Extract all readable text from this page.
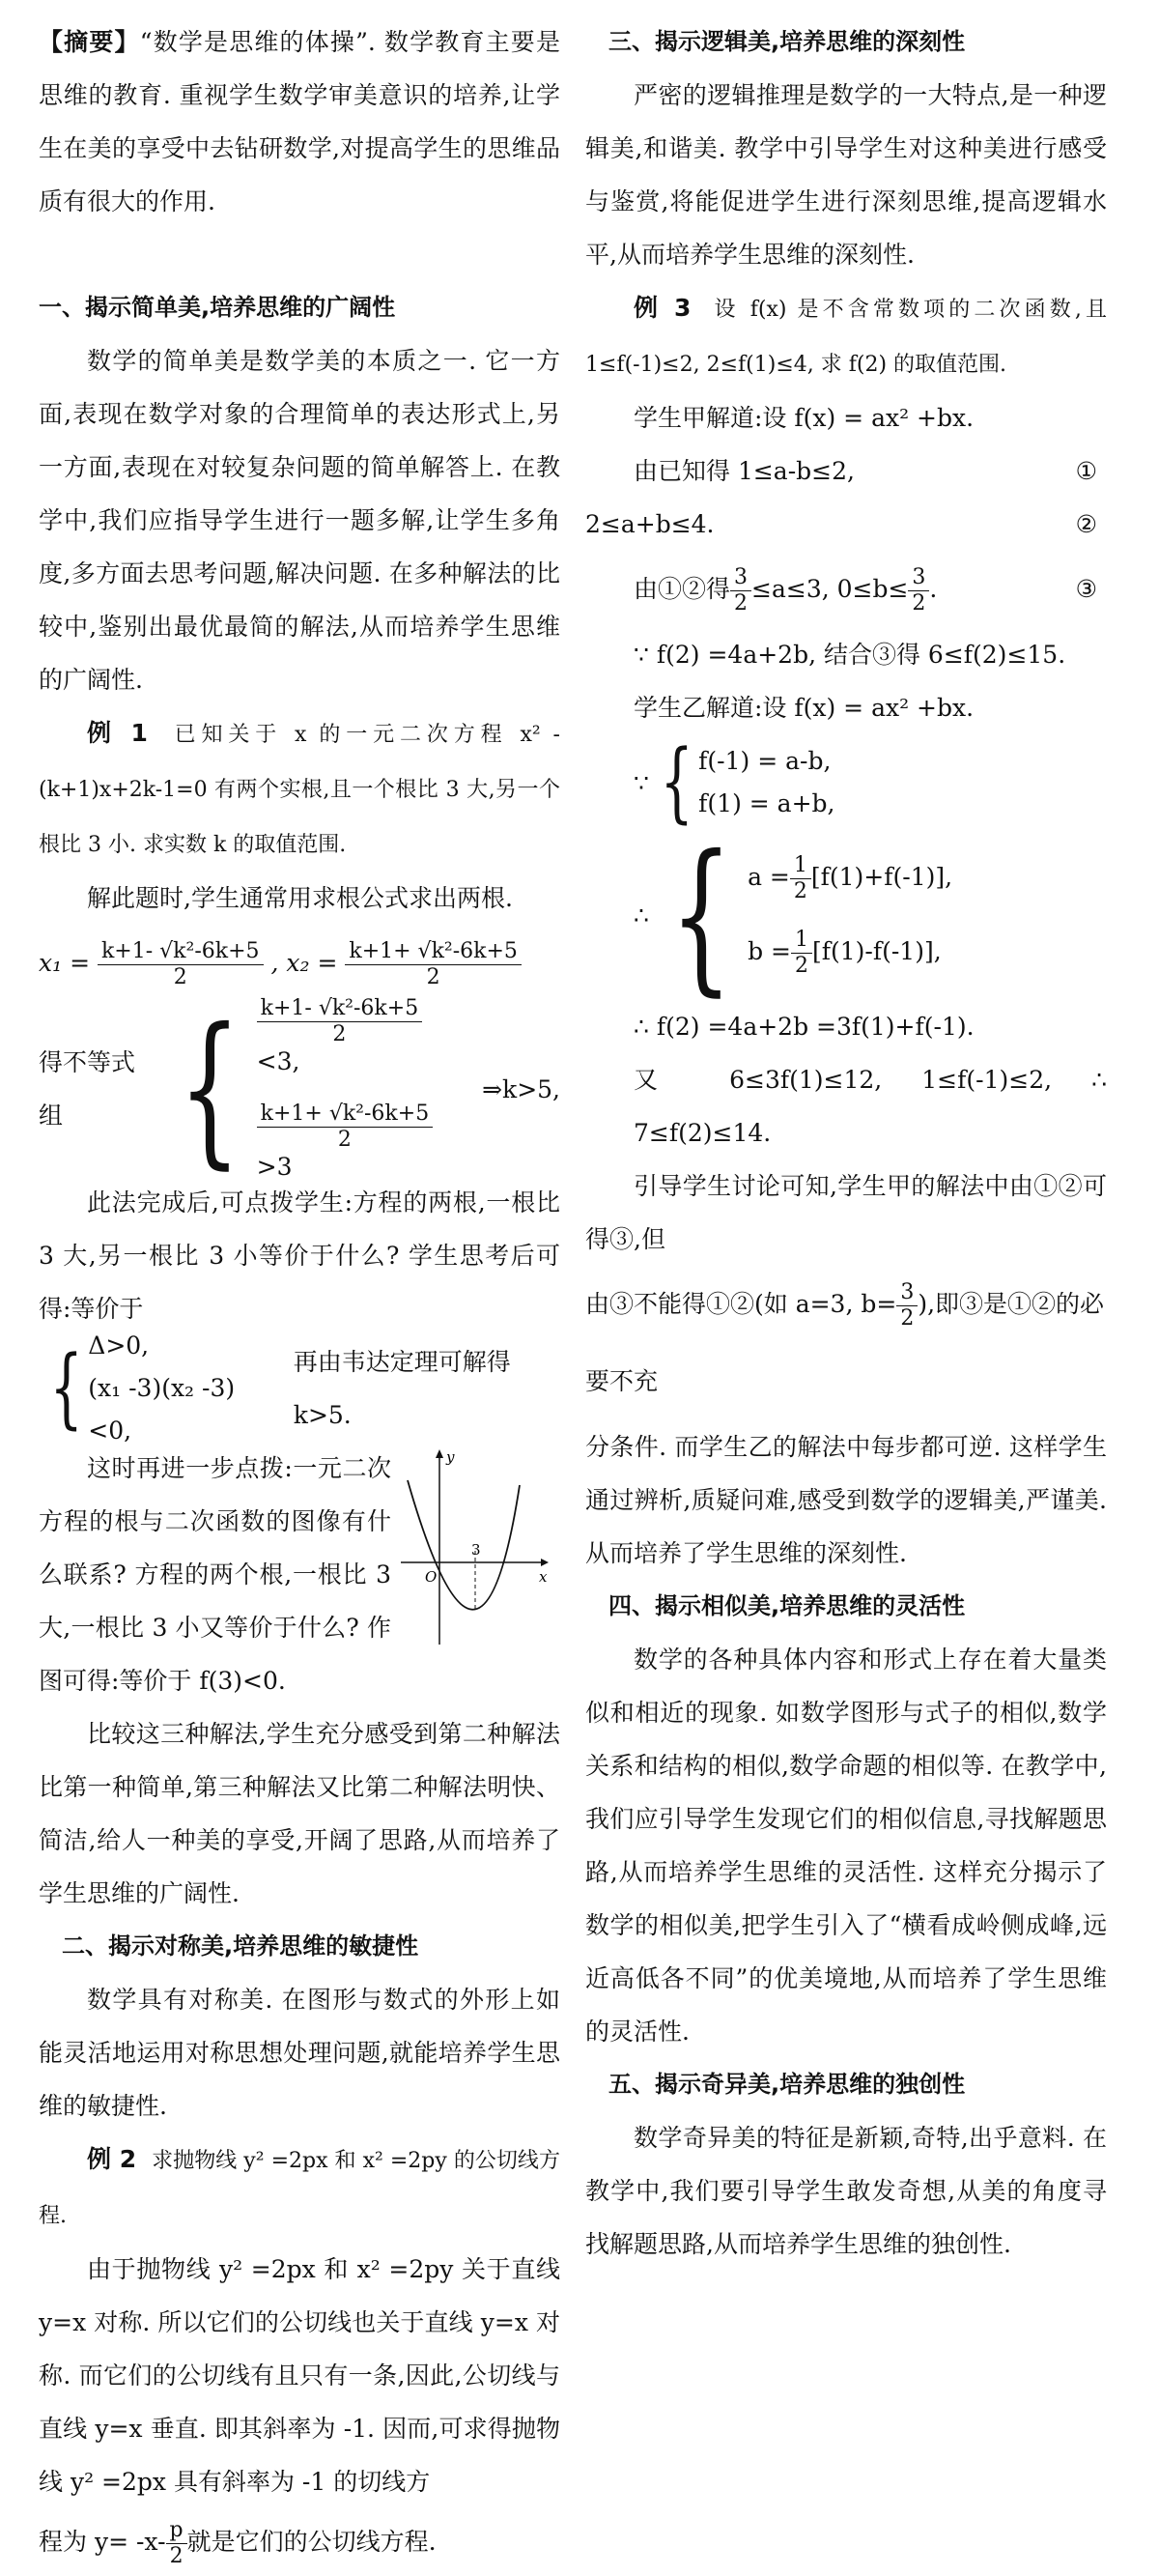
【摘要】“数学是思维的体操”. 数学教育主要是思维的教育. 重视学生数学审美意识的培养,让学生在美的享受中去钻研数学,对提高学生的思维品质有很大的作用.

一、揭示简单美,培养思维的广阔性

数学的简单美是数学美的本质之一. 它一方面,表现在数学对象的合理简单的表达形式上,另一方面,表现在对较复杂问题的简单解答上. 在教学中,我们应指导学生进行一题多解,让学生多角度,多方面去思考问题,解决问题. 在多种解法的比较中,鉴别出最优最简的解法,从而培养学生思维的广阔性.

例 1 已知关于 x 的一元二次方程 x² -(k+1)x+2k-1=0 有两个实根,且一个根比 3 大,另一个根比 3 小. 求实数 k 的取值范围.

解此题时,学生通常用求根公式求出两根.

$x_1 = \frac{\text{k+1- √k²-6k+5}}{2}$ , $x_2 = \frac{\text{k+1+ √k²-6k+5}}{2}$
得不等式组 { $\frac{\text{k+1- √k²-6k+5}}{2}$
<3,
$\frac{\text{k+1+ √k²-6k+5}}{2}$
>3
⇒k>5,

此法完成后,可点拨学生:方程的两根,一根比 3 大,另一根比 3 小等价于什么? 学生思考后可得:等价于

{ Δ>0,
(x₁ -3)(x₂ -3)<0,
再由韦达定理可解得 k>5.

这时再进一步点拨:一元二次方程的根与二次函数的图像有什么联系? 方程的两个根,一根比 3 大,一根比 3 小又等价于什么? 作图可得:等价于 f(3)<0.

y
x
O
3

比较这三种解法,学生充分感受到第二种解法比第一种简单,第三种解法又比第二种解法明快、简洁,给人一种美的享受,开阔了思路,从而培养了学生思维的广阔性.

二、揭示对称美,培养思维的敏捷性

数学具有对称美. 在图形与数式的外形上如能灵活地运用对称思想处理问题,就能培养学生思维的敏捷性.

例 2 求抛物线 y² =2px 和 x² =2py 的公切线方程.

由于抛物线 y² =2px 和 x² =2py 关于直线 y=x 对称. 所以它们的公切线也关于直线 y=x 对称. 而它们的公切线有且只有一条,因此,公切线与直线 y=x 垂直. 即其斜率为 -1. 因而,可求得抛物线 y² =2px 具有斜率为 -1 的切线方

程为 $y= -x- \frac{p}{2}$ 就是它们的公切线方程.
三、揭示逻辑美,培养思维的深刻性

严密的逻辑推理是数学的一大特点,是一种逻辑美,和谐美. 教学中引导学生对这种美进行感受与鉴赏,将能促进学生进行深刻思维,提高逻辑水平,从而培养学生思维的深刻性.

例 3 设 f(x) 是不含常数项的二次函数,且 1≤f(-1)≤2, 2≤f(1)≤4, 求 f(2) 的取值范围.

学生甲解道:设 f(x) = ax² +bx.

由已知得 1≤a-b≤2,	①
2≤a+b≤4.	②
由①②得 $\frac{3}{2} \le a\le 3$, $0\le b\le \frac{3}{2}$ .	③

∵ f(2) =4a+2b, 结合③得 6≤f(2)≤15.

学生乙解道:设 f(x) = ax² +bx.

∵ { f(-1) = a-b,
f(1) = a+b,
∴ { $a = \frac{1}{2} [f(1)+f(-1)]$,
$b = \frac{1}{2} [f(1)-f(-1)]$,

∴ f(2) =4a+2b =3f(1)+f(-1).

又 6≤3f(1)≤12, 1≤f(-1)≤2, ∴ 7≤f(2)≤14.

引导学生讨论可知,学生甲的解法中由①②可得③,但

由③不能得①②(如 a=3, $b= \frac{3}{2}$ ),即③是①②的必要不充

分条件. 而学生乙的解法中每步都可逆. 这样学生通过辨析,质疑问难,感受到数学的逻辑美,严谨美. 从而培养了学生思维的深刻性.

四、揭示相似美,培养思维的灵活性

数学的各种具体内容和形式上存在着大量类似和相近的现象. 如数学图形与式子的相似,数学关系和结构的相似,数学命题的相似等. 在教学中,我们应引导学生发现它们的相似信息,寻找解题思路,从而培养学生思维的灵活性. 这样充分揭示了数学的相似美,把学生引入了“横看成岭侧成峰,远近高低各不同”的优美境地,从而培养了学生思维的灵活性.

五、揭示奇异美,培养思维的独创性

数学奇异美的特征是新颖,奇特,出乎意料. 在教学中,我们要引导学生敢发奇想,从美的角度寻找解题思路,从而培养学生思维的独创性.
